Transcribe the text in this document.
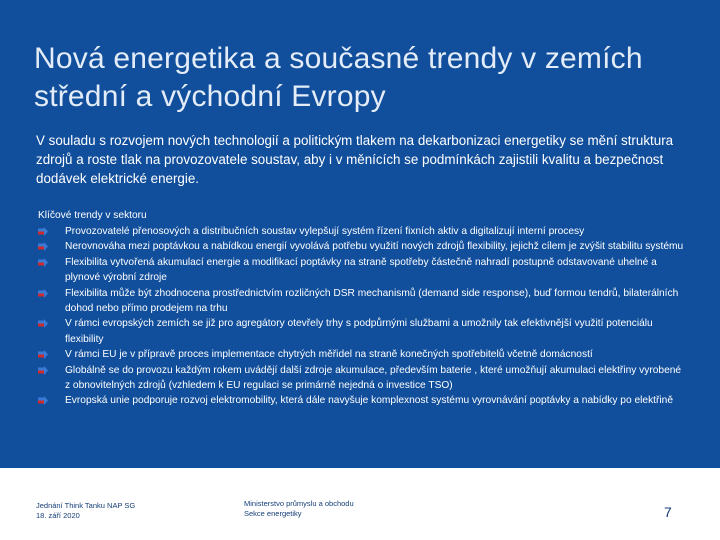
Nová energetika a současné trendy v zemích střední a východní Evropy
V souladu s rozvojem nových technologií a politickým tlakem na dekarbonizaci energetiky se mění struktura zdrojů a roste tlak na provozovatele soustav, aby i v měnících se podmínkách zajistili kvalitu a bezpečnost dodávek elektrické energie.
Klíčové trendy v sektoru
Provozovatelé přenosových a distribučních soustav vylepšují systém řízení fixních aktiv a digitalizují interní procesy
Nerovnováha mezi poptávkou a nabídkou energií vyvolává potřebu využití nových zdrojů flexibility, jejichž cílem je zvýšit stabilitu systému
Flexibilita vytvořená akumulací energie a modifikací poptávky na straně spotřeby částečně nahradí postupně odstavované uhelné a plynové výrobní zdroje
Flexibilita může být zhodnocena prostřednictvím rozličných DSR mechanismů (demand side response), buď formou tendrů, bilaterálních dohod nebo přímo prodejem na trhu
V rámci evropských zemích se již pro agregátory otevřely trhy s podpůrnými službami a umožnily tak efektivnější využití potenciálu flexibility
V rámci EU je v přípravě proces implementace chytrých měřidel na straně konečných spotřebitelů včetně domácností
Globálně se do provozu každým rokem uvádějí další zdroje akumulace, především baterie , které umožňují akumulaci elektřiny vyrobené z obnovitelných zdrojů (vzhledem k EU regulaci se primárně nejedná o investice TSO)
Evropská unie podporuje rozvoj elektromobility, která dále navyšuje komplexnost systému vyrovnávání poptávky a nabídky po elektřině
Jednání Think Tanku NAP SG
18. září 2020
Ministerstvo průmyslu a obchodu
Sekce energetiky	7
